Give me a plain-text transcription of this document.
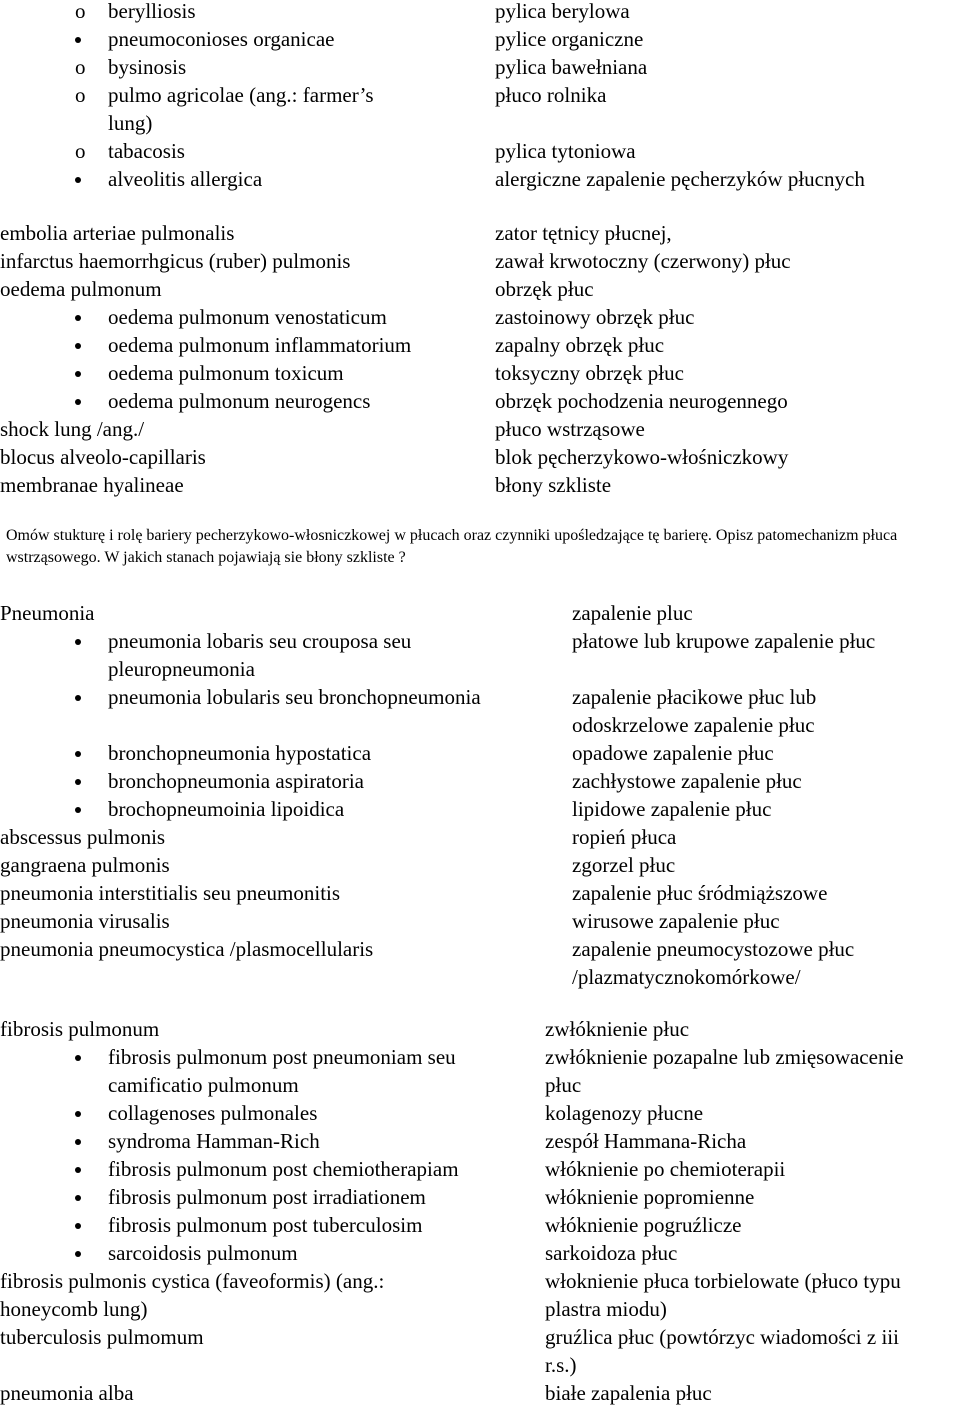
o berylliosis	pylica berylowa
pneumoconioses organicae	pylice organiczne
o bysinosis	pylica bawełniana
o pulmo agricolae (ang.: farmer’s	płuco rolnika
lung)
o tabacosis	pylica tytoniowa
alveolitis allergica	alergiczne zapalenie pęcherzyków płucnych
embolia arteriae pulmonalis	zator tętnicy płucnej,
infarctus haemorrhgicus (ruber) pulmonis	zawał krwotoczny (czerwony) płuc
oedema pulmonum	obrzęk płuc
oedema pulmonum venostaticum	zastoinowy obrzęk płuc
oedema pulmonum inflammatorium	zapalny obrzęk płuc
oedema pulmonum toxicum	toksyczny obrzęk płuc
oedema pulmonum neurogencs	obrzęk pochodzenia neurogennego
shock lung /ang./	płuco wstrząsowe
blocus alveolo-capillaris	blok pęcherzykowo-włośniczkowy
membranae hyalineae	błony szkliste
Omów stukturę i rolę bariery pecherzykowo-włosniczkowej w płucach oraz czynniki upośledzające tę barierę. Opisz patomechanizm płuca wstrząsowego. W jakich stanach pojawiają sie błony szkliste ?
Pneumonia	zapalenie pluc
pneumonia lobaris seu crouposa seu	płatowe lub krupowe zapalenie płuc
pleuropneumonia
pneumonia lobularis seu bronchopneumonia	zapalenie płacikowe płuc lub
odoskrzelowe zapalenie płuc
bronchopneumonia hypostatica	opadowe zapalenie płuc
bronchopneumonia aspiratoria	zachłystowe zapalenie płuc
brochopneumoinia lipoidica	lipidowe zapalenie płuc
abscessus pulmonis	ropień płuca
gangraena pulmonis	zgorzel płuc
pneumonia interstitialis seu pneumonitis	zapalenie płuc śródmiąższowe
pneumonia virusalis	wirusowe zapalenie płuc
pneumonia pneumocystica /plasmocellularis	zapalenie pneumocystozowe płuc
/plazmatycznokomórkowe/
fibrosis pulmonum	zwłóknienie płuc
fibrosis pulmonum post pneumoniam seu	zwłóknienie pozapalne lub zmięsowacenie
camificatio pulmonum	płuc
collagenoses pulmonales	kolagenozy płucne
syndroma Hamman-Rich	zespół Hammana-Richa
fibrosis pulmonum post chemiotherapiam	włóknienie po chemioterapii
fibrosis pulmonum post irradiationem	włóknienie popromienne
fibrosis pulmonum post tuberculosim	włóknienie pogruźlicze
sarcoidosis pulmonum	sarkoidoza płuc
fibrosis pulmonis cystica (faveoformis) (ang.:	włoknienie płuca torbielowate (płuco typu
honeycomb lung)	plastra miodu)
tuberculosis pulmomum	gruźlica płuc (powtórzyc wiadomości z iii
r.s.)
pneumonia alba	białe zapalenia płuc
